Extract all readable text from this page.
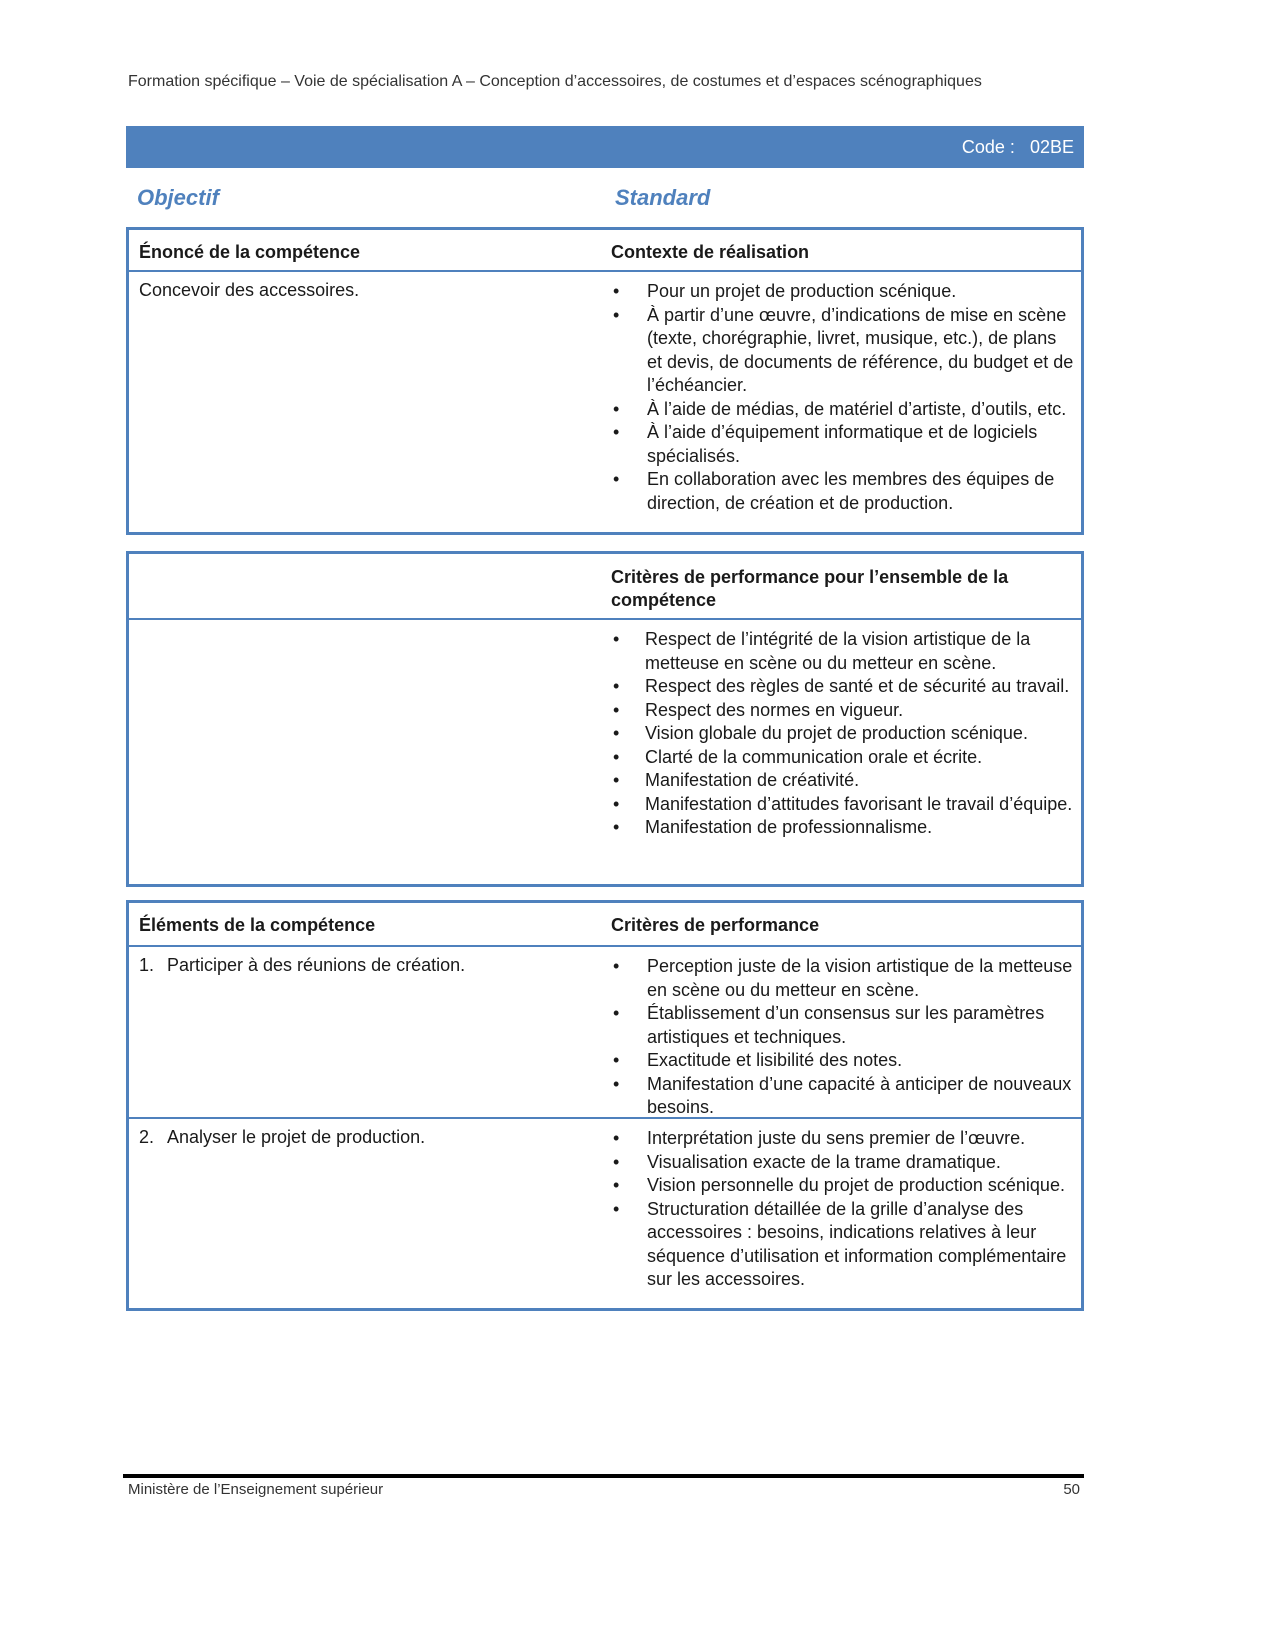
Formation spécifique – Voie de spécialisation A – Conception d’accessoires, de costumes et d’espaces scénographiques
Code :
02BE
Objectif	Standard
Énoncé de la compétence	Contexte de réalisation
Concevoir des accessoires.	• Pour un projet de production scénique.
• À partir d’une œuvre, d’indications de mise en scène (texte, chorégraphie, livret, musique, etc.), de plans et devis, de documents de référence, du budget et de l’échéancier.
• À l’aide de médias, de matériel d’artiste, d’outils, etc.
• À l’aide d’équipement informatique et de logiciels spécialisés.
• En collaboration avec les membres des équipes de direction, de création et de production.
Critères de performance pour l’ensemble de la compétence
• Respect de l’intégrité de la vision artistique de la metteuse en scène ou du metteur en scène.
• Respect des règles de santé et de sécurité au travail.
• Respect des normes en vigueur.
• Vision globale du projet de production scénique.
• Clarté de la communication orale et écrite.
• Manifestation de créativité.
• Manifestation d’attitudes favorisant le travail d’équipe.
• Manifestation de professionnalisme.
Éléments de la compétence	Critères de performance
1. Participer à des réunions de création.	• Perception juste de la vision artistique de la metteuse en scène ou du metteur en scène.
• Établissement d’un consensus sur les paramètres artistiques et techniques.
• Exactitude et lisibilité des notes.
• Manifestation d’une capacité à anticiper de nouveaux besoins.
2. Analyser le projet de production.	• Interprétation juste du sens premier de l’œuvre.
• Visualisation exacte de la trame dramatique.
• Vision personnelle du projet de production scénique.
• Structuration détaillée de la grille d’analyse des accessoires : besoins, indications relatives à leur séquence d’utilisation et information complémentaire sur les accessoires.
Ministère de l’Enseignement supérieur	50
